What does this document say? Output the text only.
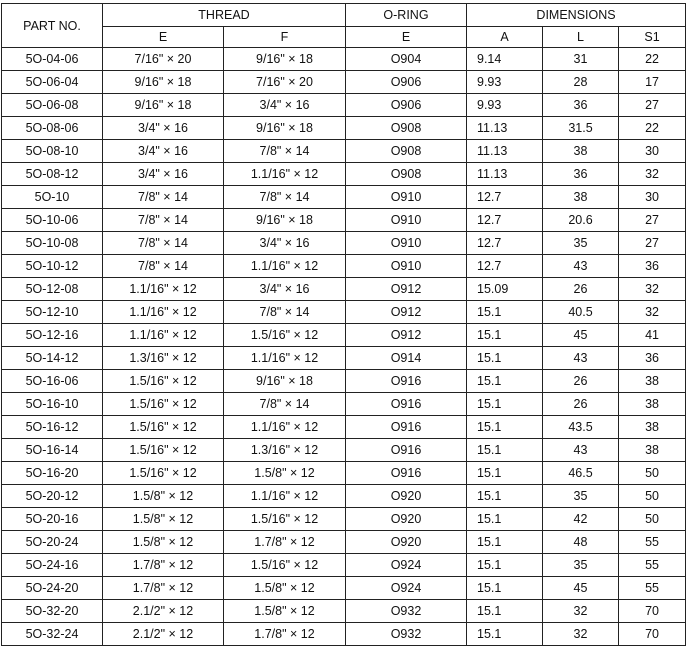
PART NO.	THREAD		O-RING	DIMENSIONS		
	E	F	E	A	L	S1
5O-04-06	7/16" × 20	9/16" × 18	O904	9.14	31	22
5O-06-04	9/16" × 18	7/16" × 20	O906	9.93	28	17
5O-06-08	9/16" × 18	3/4" × 16	O906	9.93	36	27
5O-08-06	3/4" × 16	9/16" × 18	O908	11.13	31.5	22
5O-08-10	3/4" × 16	7/8" × 14	O908	11.13	38	30
5O-08-12	3/4" × 16	1.1/16" × 12	O908	11.13	36	32
5O-10	7/8" × 14	7/8" × 14	O910	12.7	38	30
5O-10-06	7/8" × 14	9/16" × 18	O910	12.7	20.6	27
5O-10-08	7/8" × 14	3/4" × 16	O910	12.7	35	27
5O-10-12	7/8" × 14	1.1/16" × 12	O910	12.7	43	36
5O-12-08	1.1/16" × 12	3/4" × 16	O912	15.09	26	32
5O-12-10	1.1/16" × 12	7/8" × 14	O912	15.1	40.5	32
5O-12-16	1.1/16" × 12	1.5/16" × 12	O912	15.1	45	41
5O-14-12	1.3/16" × 12	1.1/16" × 12	O914	15.1	43	36
5O-16-06	1.5/16" × 12	9/16" × 18	O916	15.1	26	38
5O-16-10	1.5/16" × 12	7/8" × 14	O916	15.1	26	38
5O-16-12	1.5/16" × 12	1.1/16" × 12	O916	15.1	43.5	38
5O-16-14	1.5/16" × 12	1.3/16" × 12	O916	15.1	43	38
5O-16-20	1.5/16" × 12	1.5/8" × 12	O916	15.1	46.5	50
5O-20-12	1.5/8" × 12	1.1/16" × 12	O920	15.1	35	50
5O-20-16	1.5/8" × 12	1.5/16" × 12	O920	15.1	42	50
5O-20-24	1.5/8" × 12	1.7/8" × 12	O920	15.1	48	55
5O-24-16	1.7/8" × 12	1.5/16" × 12	O924	15.1	35	55
5O-24-20	1.7/8" × 12	1.5/8" × 12	O924	15.1	45	55
5O-32-20	2.1/2" × 12	1.5/8" × 12	O932	15.1	32	70
5O-32-24	2.1/2" × 12	1.7/8" × 12	O932	15.1	32	70
